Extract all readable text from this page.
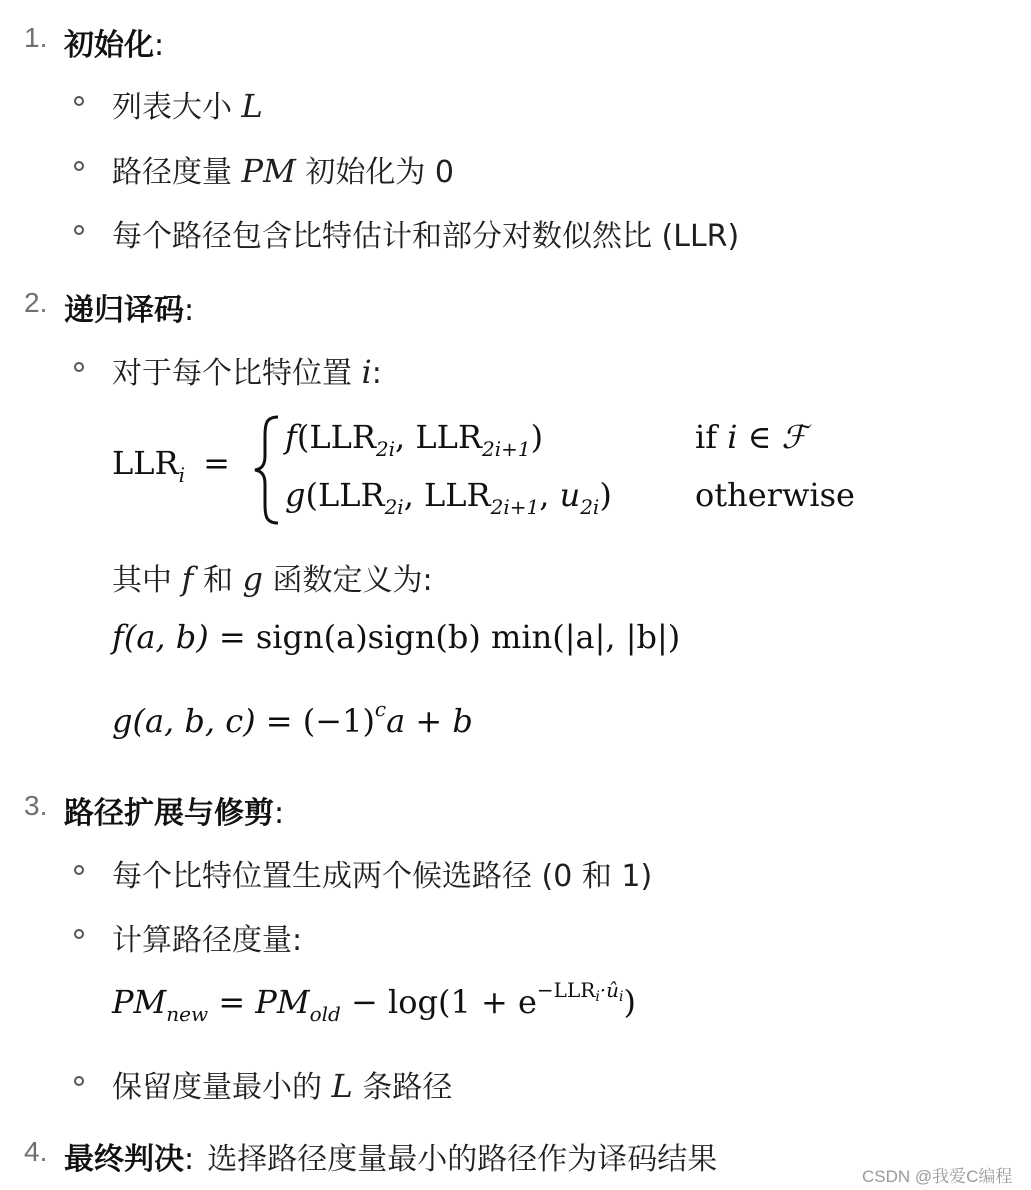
1. 初始化:
列表大小 L
路径度量 PM 初始化为 0
每个路径包含比特估计和部分对数似然比 (LLR)
2. 递归译码:
对于每个比特位置 i:
$LLR_i$ =
$f(LLR_{2i}$, $LLR_{2i+1}$)	if i ∈ ℱ
$g(LLR_{2i}$, $LLR_{2i+1}$, $u_{2i}$)	otherwise
其中 f 和 g 函数定义为:
f(a, b) = sign(a)sign(b) min(|a|, |b|)
g(a, b, $c) = (-1)^ca + b$
3. 路径扩展与修剪:
每个比特位置生成两个候选路径 (0 和 1)
计算路径度量:
$PM_{new} = PM_{old} - \log(1 + e^{-LLRi\cdot ûi})$
保留度量最小的 L 条路径
4. 最终判决: 选择路径度量最小的路径作为译码结果	CSDN @我爱C编程
